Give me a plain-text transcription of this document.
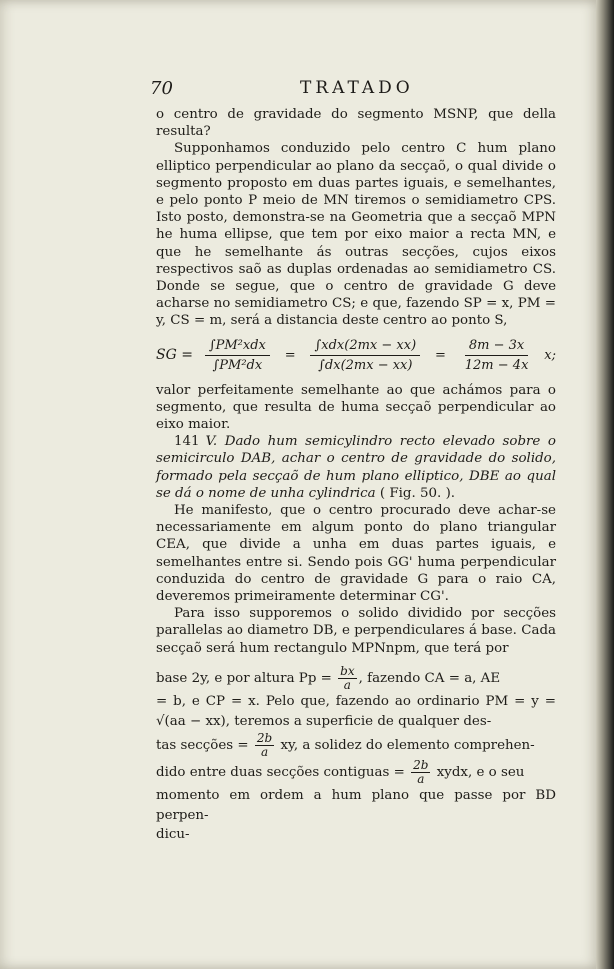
70	TRATADO

o centro de gravidade do segmento MSNP, que della resulta?

Supponhamos conduzido pelo centro C hum plano elliptico perpendicular ao plano da secçaõ, o qual divide o segmento proposto em duas partes iguais, e semelhantes, e pelo ponto P meio de MN tiremos o semidiametro CPS. Isto posto, demonstra-se na Geometria que a secçaõ MPN he huma ellipse, que tem por eixo maior a recta MN, e que he semelhante ás outras secções, cujos eixos respectivos saõ as duplas ordenadas ao semidiametro CS. Donde se segue, que o centro de gravidade G deve acharse no semidiametro CS; e que, fazendo SP = x, PM = y, CS = m, será a distancia deste centro ao ponto S,

SG = $\frac{\text{∫PM²xdx}}{\text{∫PM²dx}} = \frac{\text{∫xdx(2mx − xx)}}{\int dx(2mx - xx)} = \frac{8m - 3x}{12m - 4x} x$;

valor perfeitamente semelhante ao que achámos para o segmento, que resulta de huma secçaõ perpendicular ao eixo maior.

141 V. Dado hum semicylindro recto elevado sobre o semicirculo DAB, achar o centro de gravidade do solido, formado pela secçaõ de hum plano elliptico, DBE ao qual se dá o nome de unha cylindrica ( Fig. 50. ).

He manifesto, que o centro procurado deve achar-se necessariamente em algum ponto do plano triangular CEA, que divide a unha em duas partes iguais, e semelhantes entre si. Sendo pois GG' huma perpendicular conduzida do centro de gravidade G para o raio CA, deveremos primeiramente determinar CG'.

Para isso supporemos o solido dividido por secções parallelas ao diametro DB, e perpendiculares á base. Cada secçaõ será hum rectangulo MPNnpm, que terá por

base 2y, e por altura $Pp = \frac{bx}{a}$ , fazendo CA = a, AE

= b, e CP = x. Pelo que, fazendo ao ordinario PM = y = √(aa − xx), teremos a superficie de qualquer des-

tas secções = $\frac{2b}{a}$ xy, a solidez do elemento comprehen-

dido entre duas secções contiguas = $\frac{2b}{a}$ xydx, e o seu

momento em ordem a hum plano que passe por BD perpen-

dicu-
